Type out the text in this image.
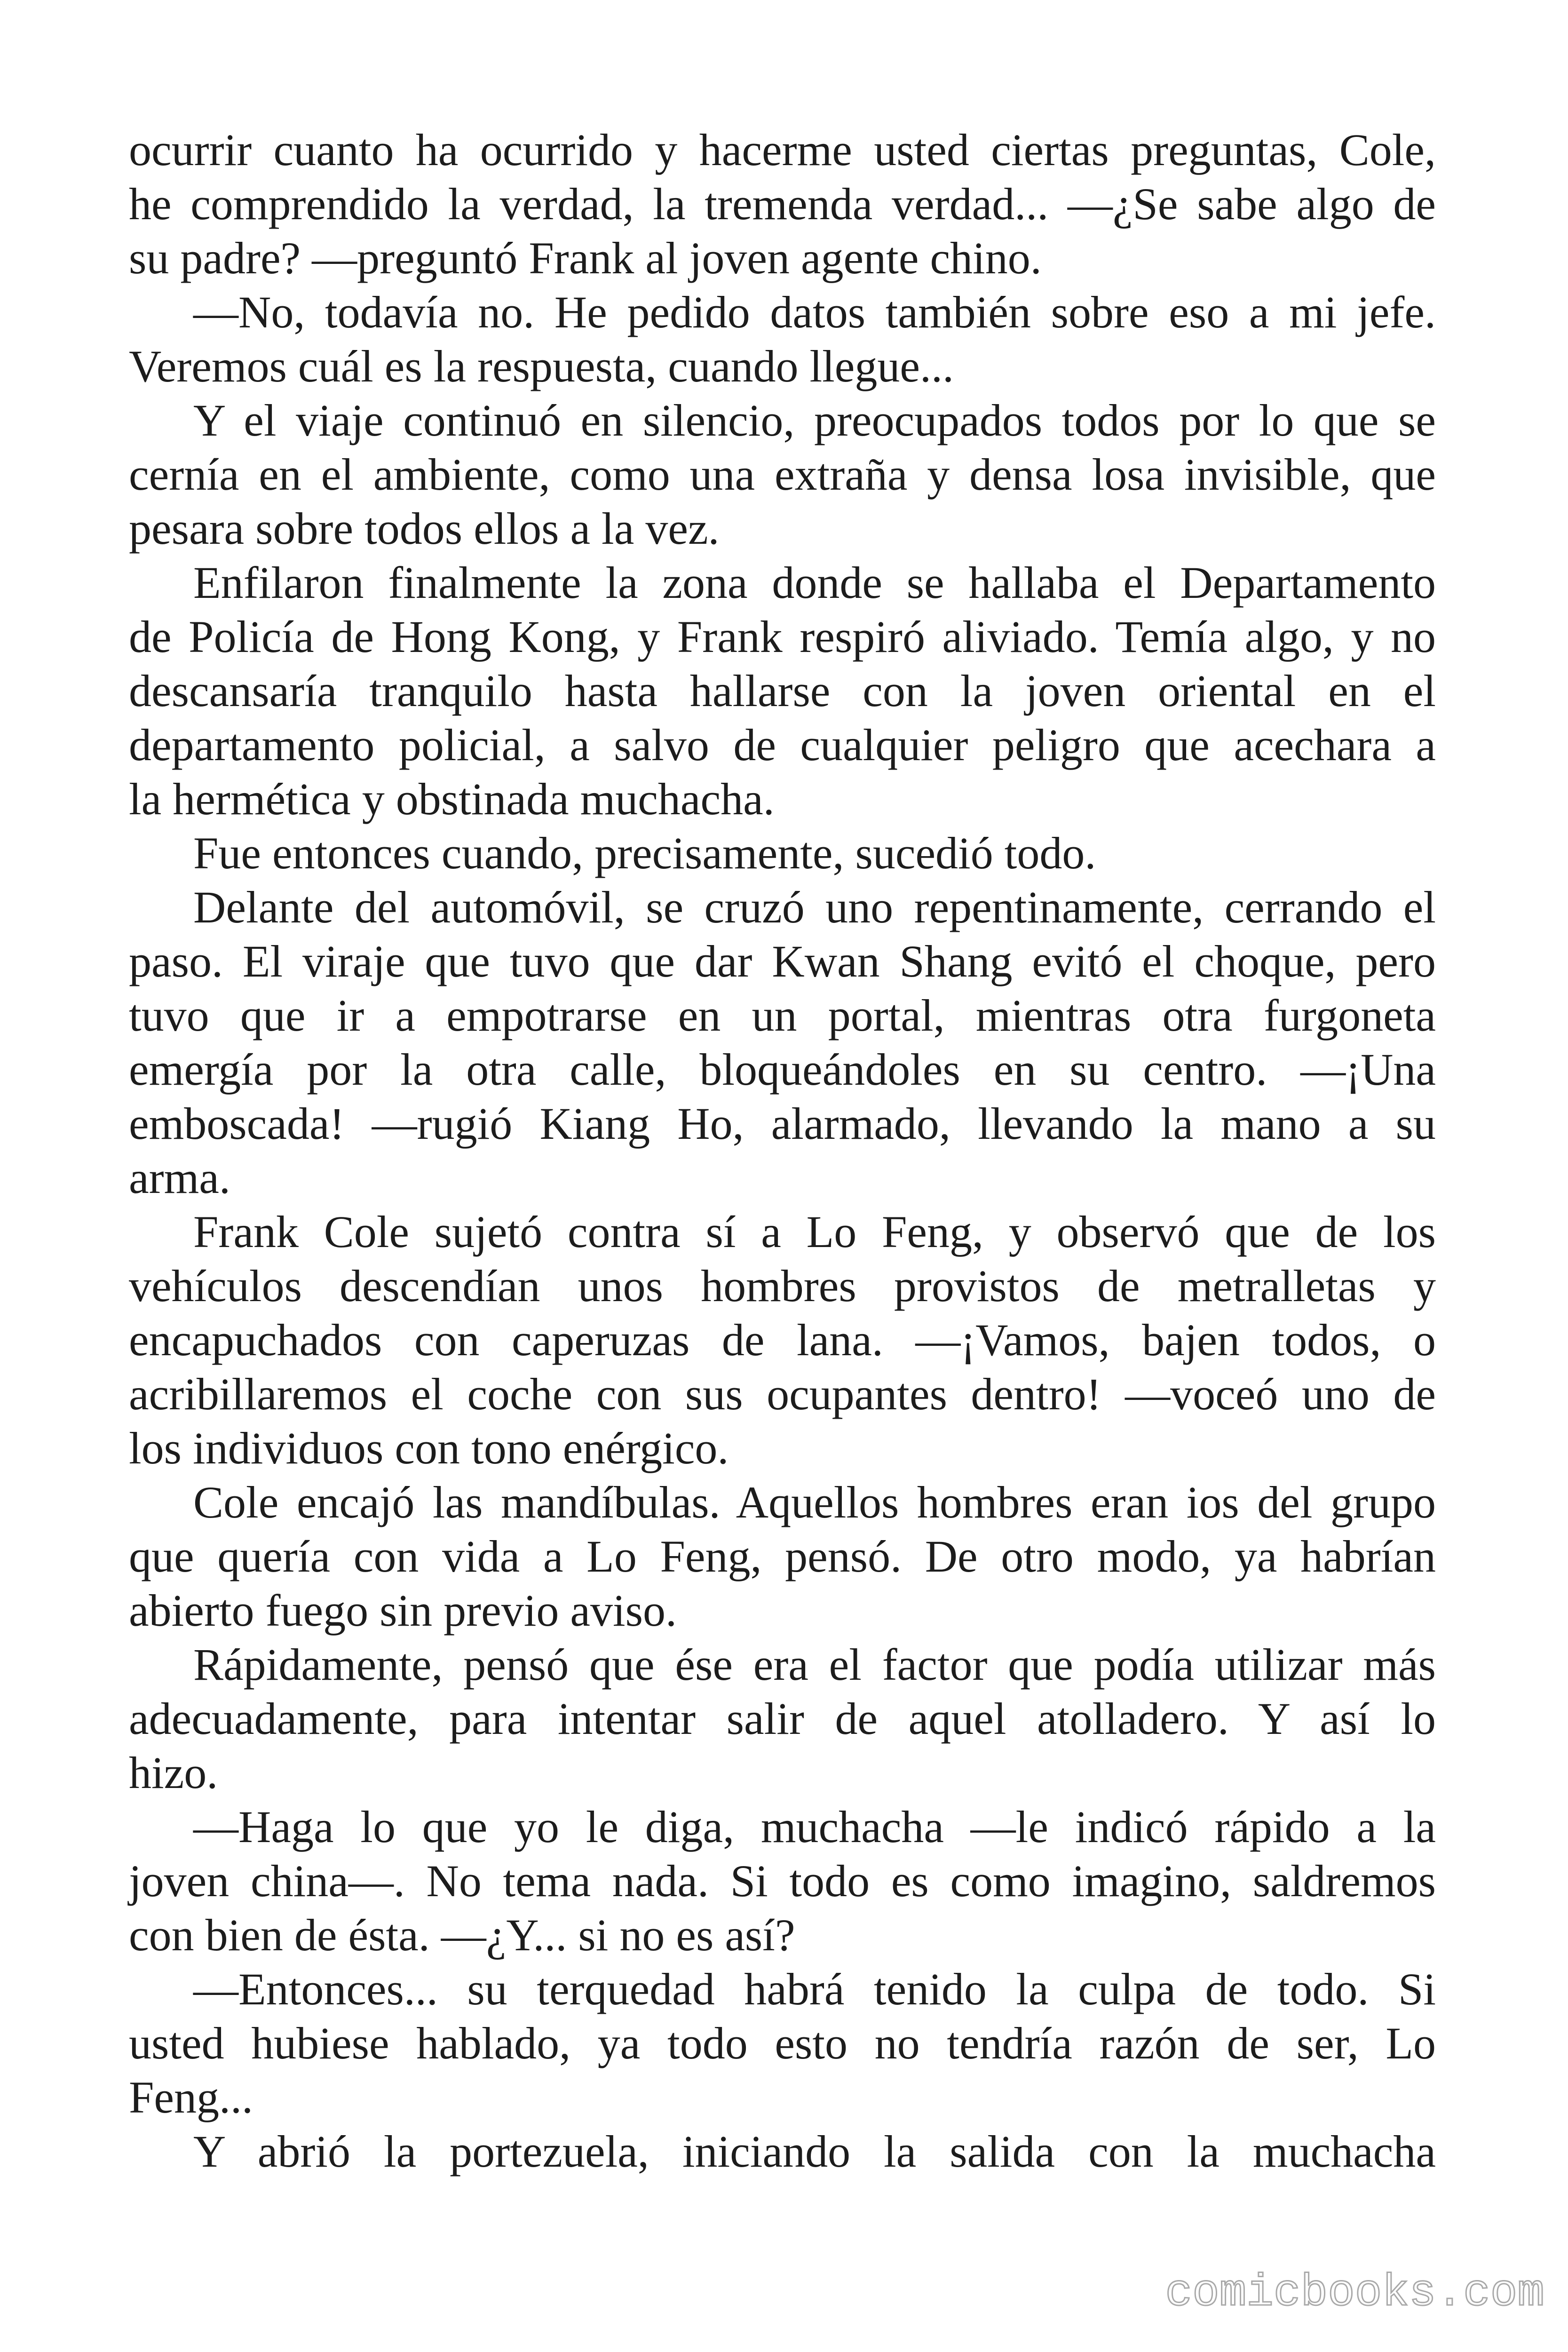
ocurrir cuanto ha ocurrido y hacerme usted ciertas preguntas, Cole,
he comprendido la verdad, la tremenda verdad... —¿Se sabe algo de
su padre? —preguntó Frank al joven agente chino.
—No, todavía no. He pedido datos también sobre eso a mi jefe.
Veremos cuál es la respuesta, cuando llegue...
Y el viaje continuó en silencio, preocupados todos por lo que se
cernía en el ambiente, como una extraña y densa losa invisible, que
pesara sobre todos ellos a la vez.
Enfilaron finalmente la zona donde se hallaba el Departamento
de Policía de Hong Kong, y Frank respiró aliviado. Temía algo, y no
descansaría tranquilo hasta hallarse con la joven oriental en el
departamento policial, a salvo de cualquier peligro que acechara a
la hermética y obstinada muchacha.
Fue entonces cuando, precisamente, sucedió todo.
Delante del automóvil, se cruzó uno repentinamente, cerrando el
paso. El viraje que tuvo que dar Kwan Shang evitó el choque, pero
tuvo que ir a empotrarse en un portal, mientras otra furgoneta
emergía por la otra calle, bloqueándoles en su centro. —¡Una
emboscada! —rugió Kiang Ho, alarmado, llevando la mano a su
arma.
Frank Cole sujetó contra sí a Lo Feng, y observó que de los
vehículos descendían unos hombres provistos de metralletas y
encapuchados con caperuzas de lana. —¡Vamos, bajen todos, o
acribillaremos el coche con sus ocupantes dentro! —voceó uno de
los individuos con tono enérgico.
Cole encajó las mandíbulas. Aquellos hombres eran ios del grupo
que quería con vida a Lo Feng, pensó. De otro modo, ya habrían
abierto fuego sin previo aviso.
Rápidamente, pensó que ése era el factor que podía utilizar más
adecuadamente, para intentar salir de aquel atolladero. Y así lo
hizo.
—Haga lo que yo le diga, muchacha —le indicó rápido a la
joven china—. No tema nada. Si todo es como imagino, saldremos
con bien de ésta. —¿Y... si no es así?
—Entonces... su terquedad habrá tenido la culpa de todo. Si
usted hubiese hablado, ya todo esto no tendría razón de ser, Lo
Feng...
Y abrió la portezuela, iniciando la salida con la muchacha
comicbooks.com
